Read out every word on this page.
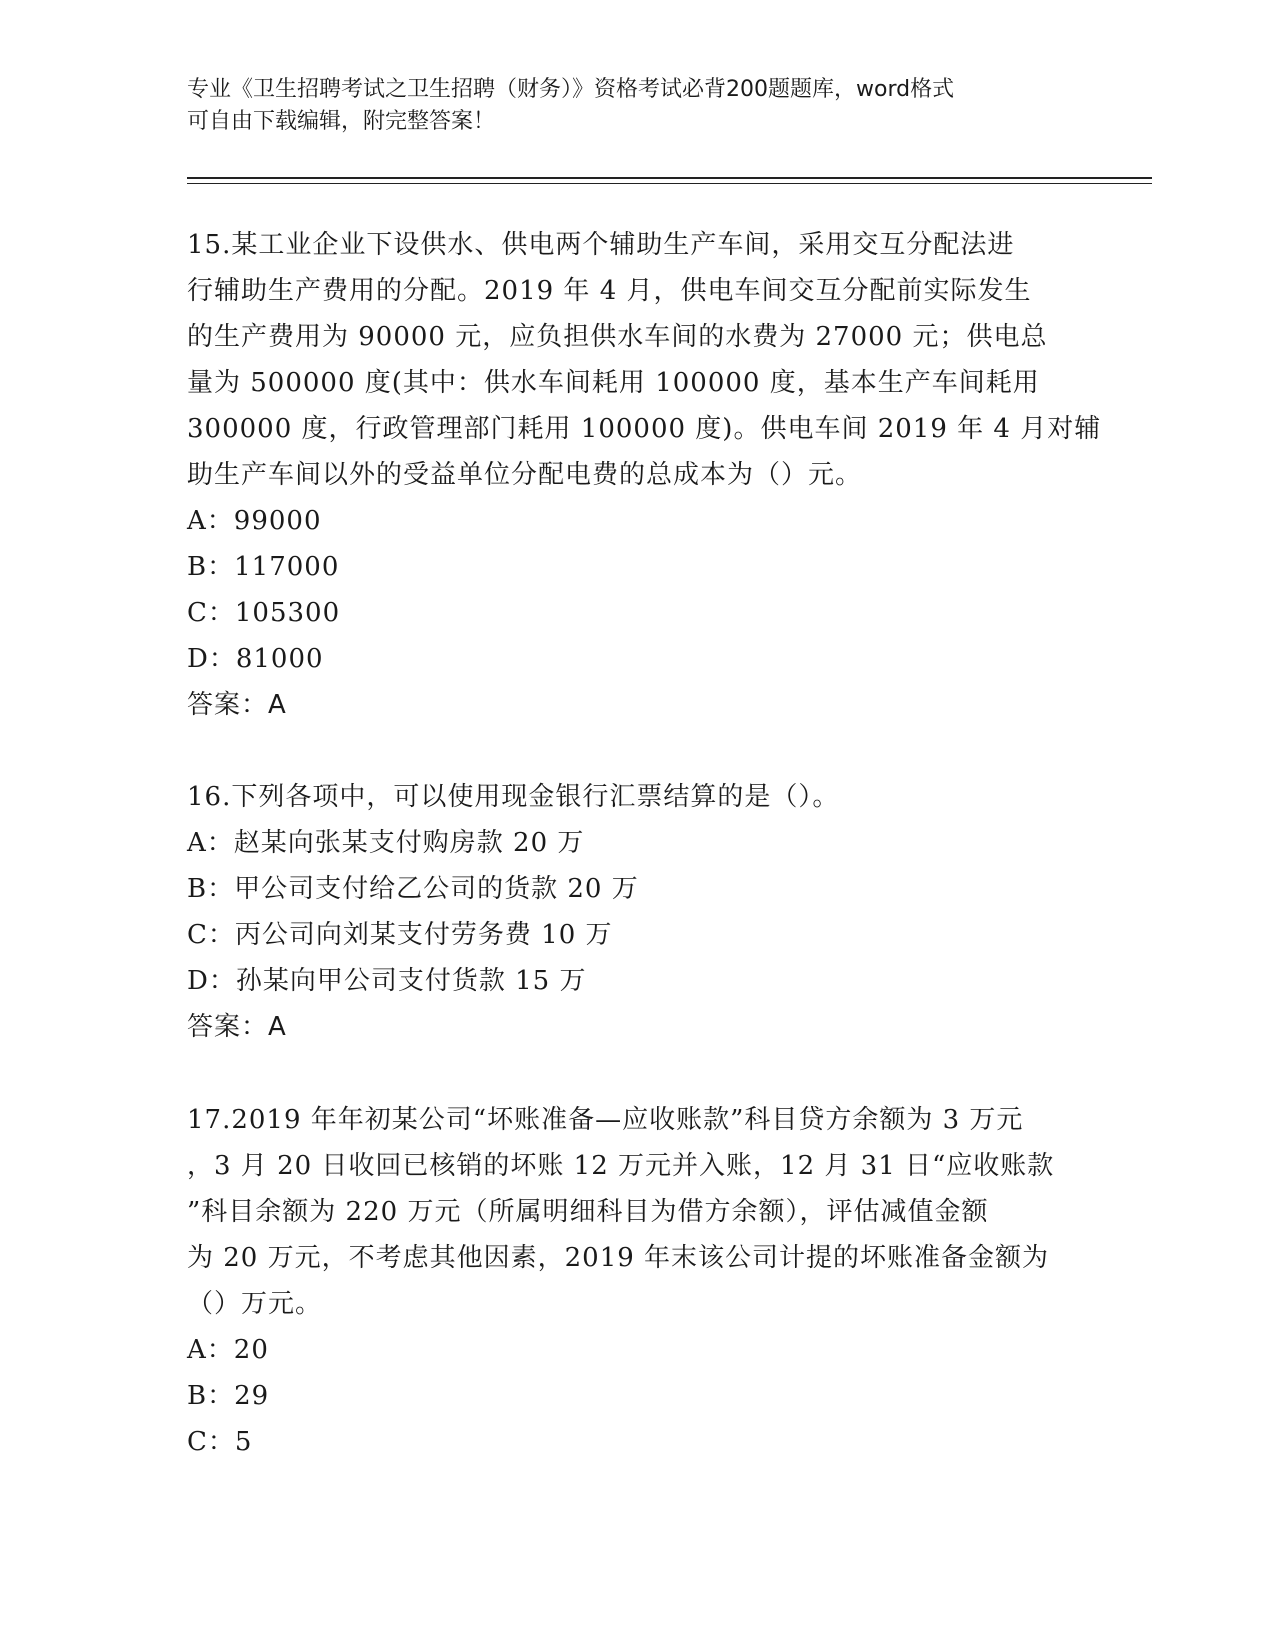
专业《卫生招聘考试之卫生招聘（财务）》资格考试必背200题题库，word格式
可自由下载编辑，附完整答案！
15.某工业企业下设供水、供电两个辅助生产车间，采用交互分配法进
行辅助生产费用的分配。2019 年 4 月，供电车间交互分配前实际发生
的生产费用为 90000 元，应负担供水车间的水费为 27000 元；供电总
量为 500000 度(其中：供水车间耗用 100000 度，基本生产车间耗用
300000 度，行政管理部门耗用 100000 度)。供电车间 2019 年 4 月对辅
助生产车间以外的受益单位分配电费的总成本为（）元。
A：99000
B：117000
C：105300
D：81000
答案：A
16.下列各项中，可以使用现金银行汇票结算的是（）。
A：赵某向张某支付购房款 20 万
B：甲公司支付给乙公司的货款 20 万
C：丙公司向刘某支付劳务费 10 万
D：孙某向甲公司支付货款 15 万
答案：A
17.2019 年年初某公司“坏账准备—应收账款”科目贷方余额为 3 万元
，3 月 20 日收回已核销的坏账 12 万元并入账，12 月 31 日“应收账款
”科目余额为 220 万元（所属明细科目为借方余额），评估减值金额
为 20 万元，不考虑其他因素，2019 年末该公司计提的坏账准备金额为
（）万元。
A：20
B：29
C：5
